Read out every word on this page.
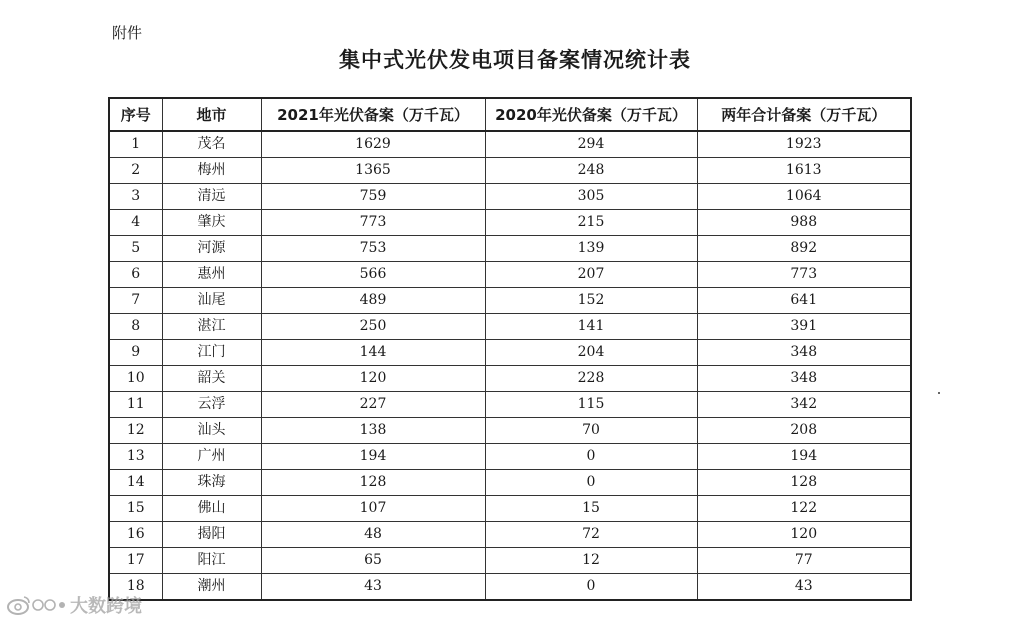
附件
集中式光伏发电项目备案情况统计表
序号	地市	2021年光伏备案（万千瓦）	2020年光伏备案（万千瓦）	两年合计备案（万千瓦）
1	茂名	1629	294	1923
2	梅州	1365	248	1613
3	清远	759	305	1064
4	肇庆	773	215	988
5	河源	753	139	892
6	惠州	566	207	773
7	汕尾	489	152	641
8	湛江	250	141	391
9	江门	144	204	348
10	韶关	120	228	348
11	云浮	227	115	342
12	汕头	138	70	208
13	广州	194	0	194
14	珠海	128	0	128
15	佛山	107	15	122
16	揭阳	48	72	120
17	阳江	65	12	77
18	潮州	43	0	43
大数跨境
